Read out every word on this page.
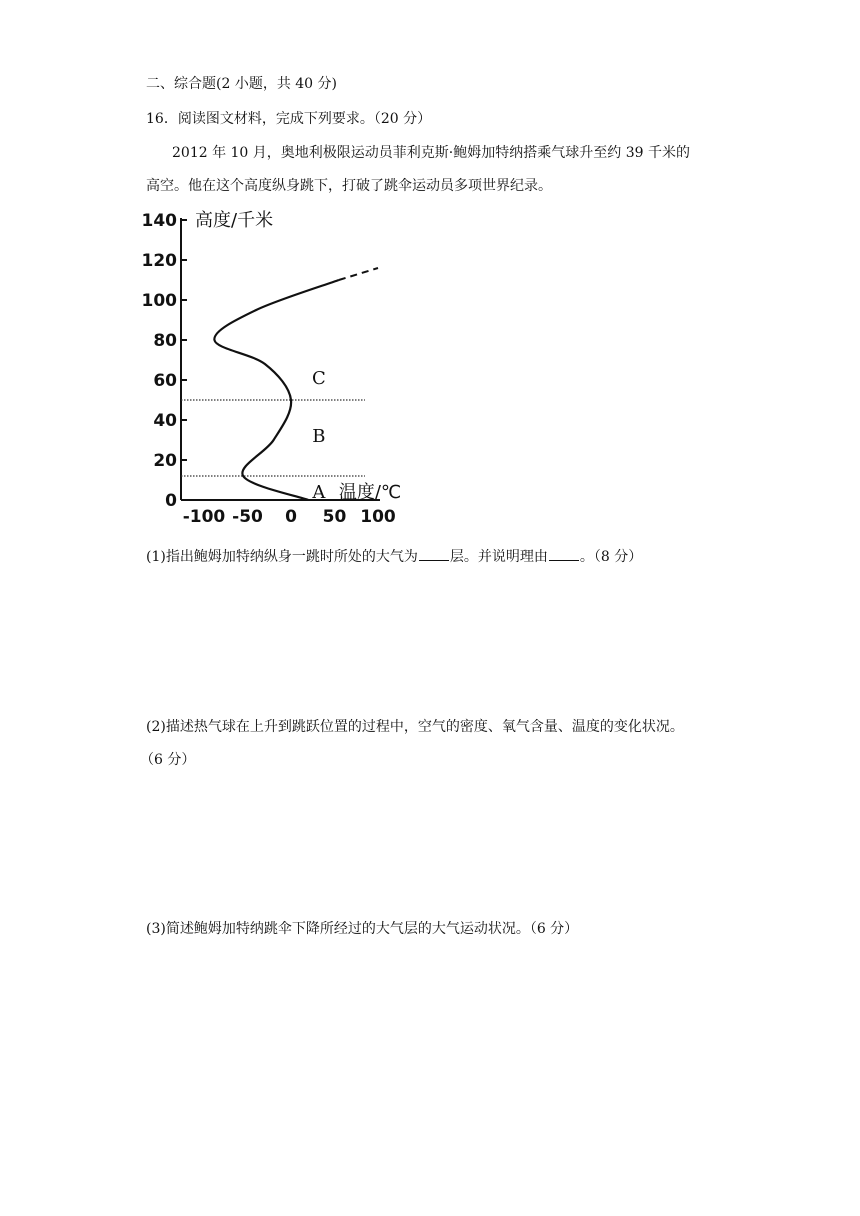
二、综合题(2 小题，共 40 分)
16．阅读图文材料，完成下列要求。（20 分）
2012 年 10 月，奥地利极限运动员菲利克斯·鲍姆加特纳搭乘气球升至约 39 千米的
高空。他在这个高度纵身跳下，打破了跳伞运动员多项世界纪录。
0
20
40
60
80
100
120
140
-100 -50 0 50 100
A
B
C
高度/千米
温度/℃
(1)指出鲍姆加特纳纵身一跳时所处的大气为 层。并说明理由 。（8 分）
(2)描述热气球在上升到跳跃位置的过程中，空气的密度、氧气含量、温度的变化状况。
（6 分）
(3)简述鲍姆加特纳跳伞下降所经过的大气层的大气运动状况。（6 分）
